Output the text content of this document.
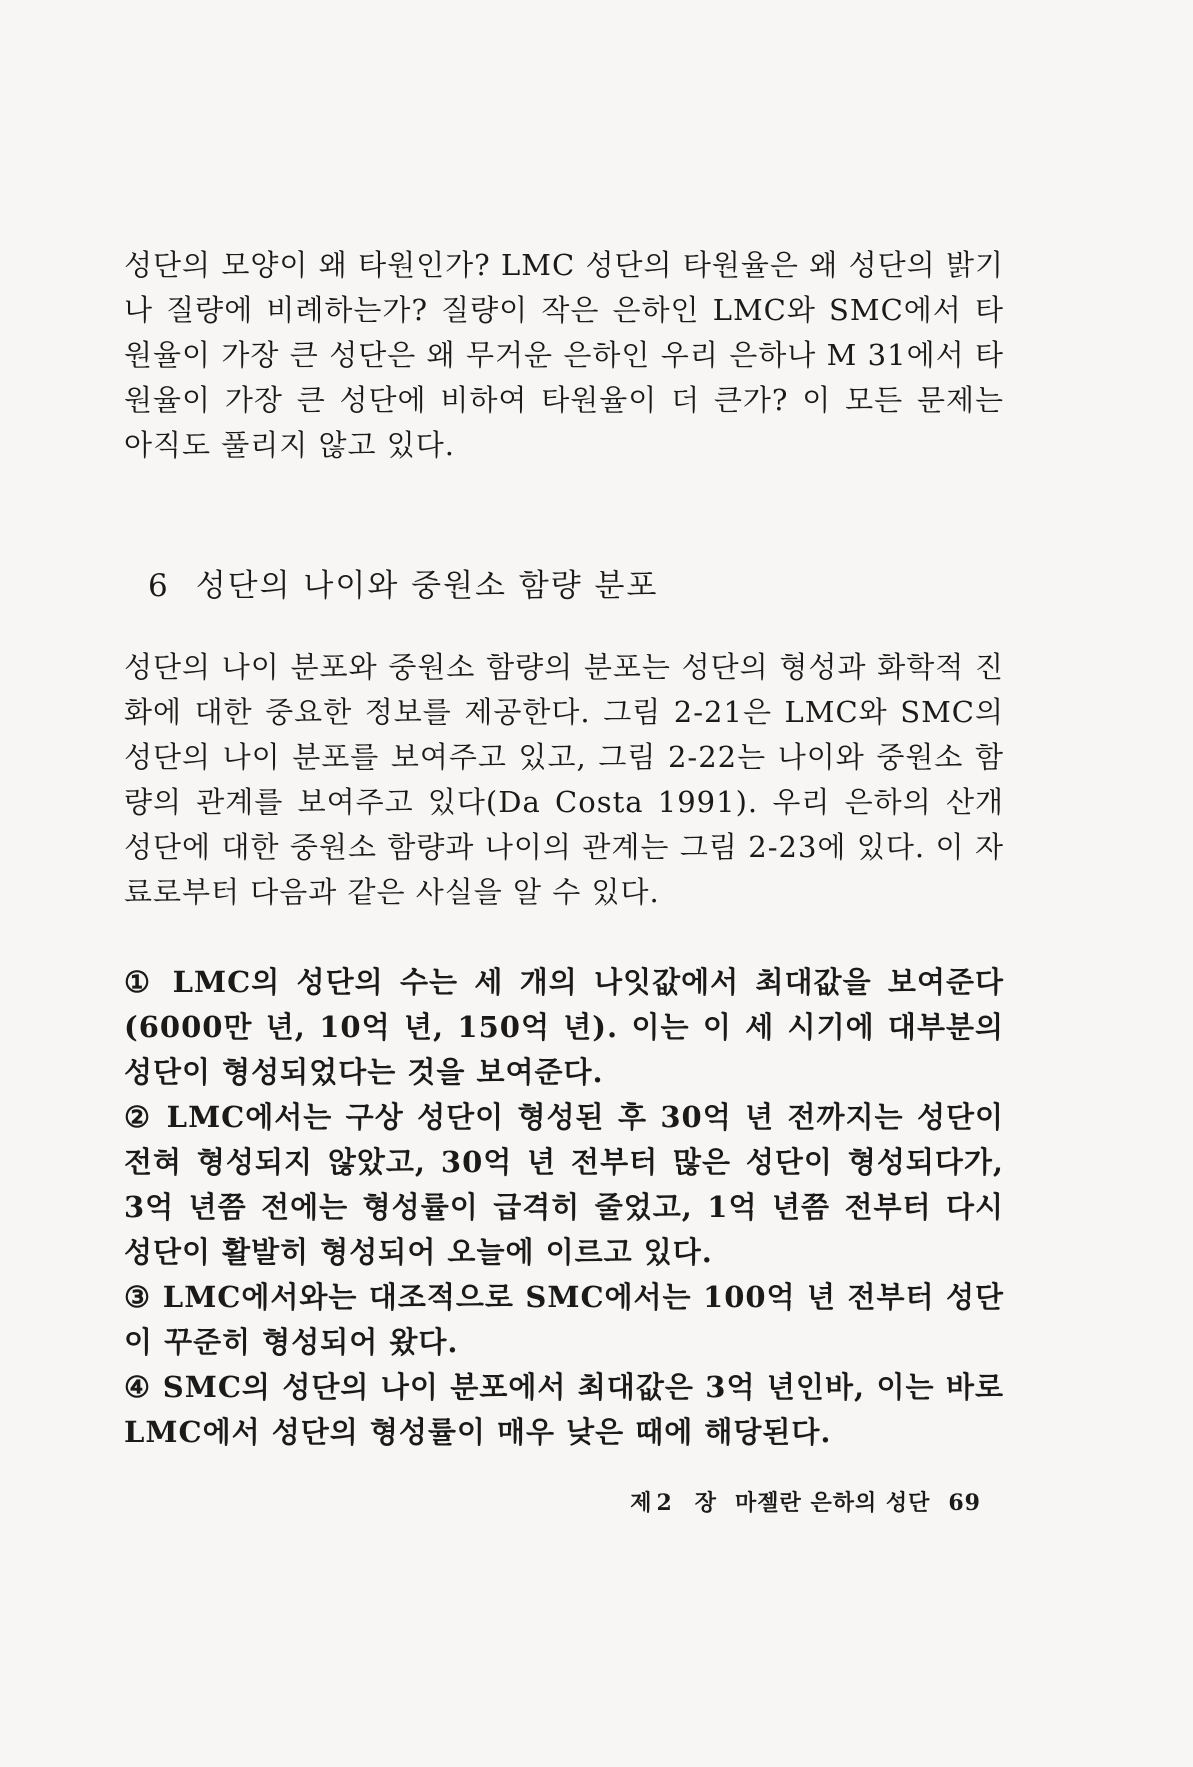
성단의 모양이 왜 타원인가? LMC 성단의 타원율은 왜 성단의 밝기나 질량에 비례하는가? 질량이 작은 은하인 LMC와 SMC에서 타원율이 가장 큰 성단은 왜 무거운 은하인 우리 은하나 M 31에서 타원율이 가장 큰 성단에 비하여 타원율이 더 큰가? 이 모든 문제는 아직도 풀리지 않고 있다.

6 성단의 나이와 중원소 함량 분포

성단의 나이 분포와 중원소 함량의 분포는 성단의 형성과 화학적 진화에 대한 중요한 정보를 제공한다. 그림 2-21은 LMC와 SMC의 성단의 나이 분포를 보여주고 있고, 그림 2-22는 나이와 중원소 함량의 관계를 보여주고 있다(Da Costa 1991). 우리 은하의 산개 성단에 대한 중원소 함량과 나이의 관계는 그림 2-23에 있다. 이 자료로부터 다음과 같은 사실을 알 수 있다.

① LMC의 성단의 수는 세 개의 나잇값에서 최대값을 보여준다(6000만 년, 10억 년, 150억 년). 이는 이 세 시기에 대부분의 성단이 형성되었다는 것을 보여준다.

② LMC에서는 구상 성단이 형성된 후 30억 년 전까지는 성단이 전혀 형성되지 않았고, 30억 년 전부터 많은 성단이 형성되다가, 3억 년쯤 전에는 형성률이 급격히 줄었고, 1억 년쯤 전부터 다시 성단이 활발히 형성되어 오늘에 이르고 있다.

③ LMC에서와는 대조적으로 SMC에서는 100억 년 전부터 성단이 꾸준히 형성되어 왔다.

④ SMC의 성단의 나이 분포에서 최대값은 3억 년인바, 이는 바로 LMC에서 성단의 형성률이 매우 낮은 때에 해당된다.

제 2 장 마젤란 은하의 성단 69
